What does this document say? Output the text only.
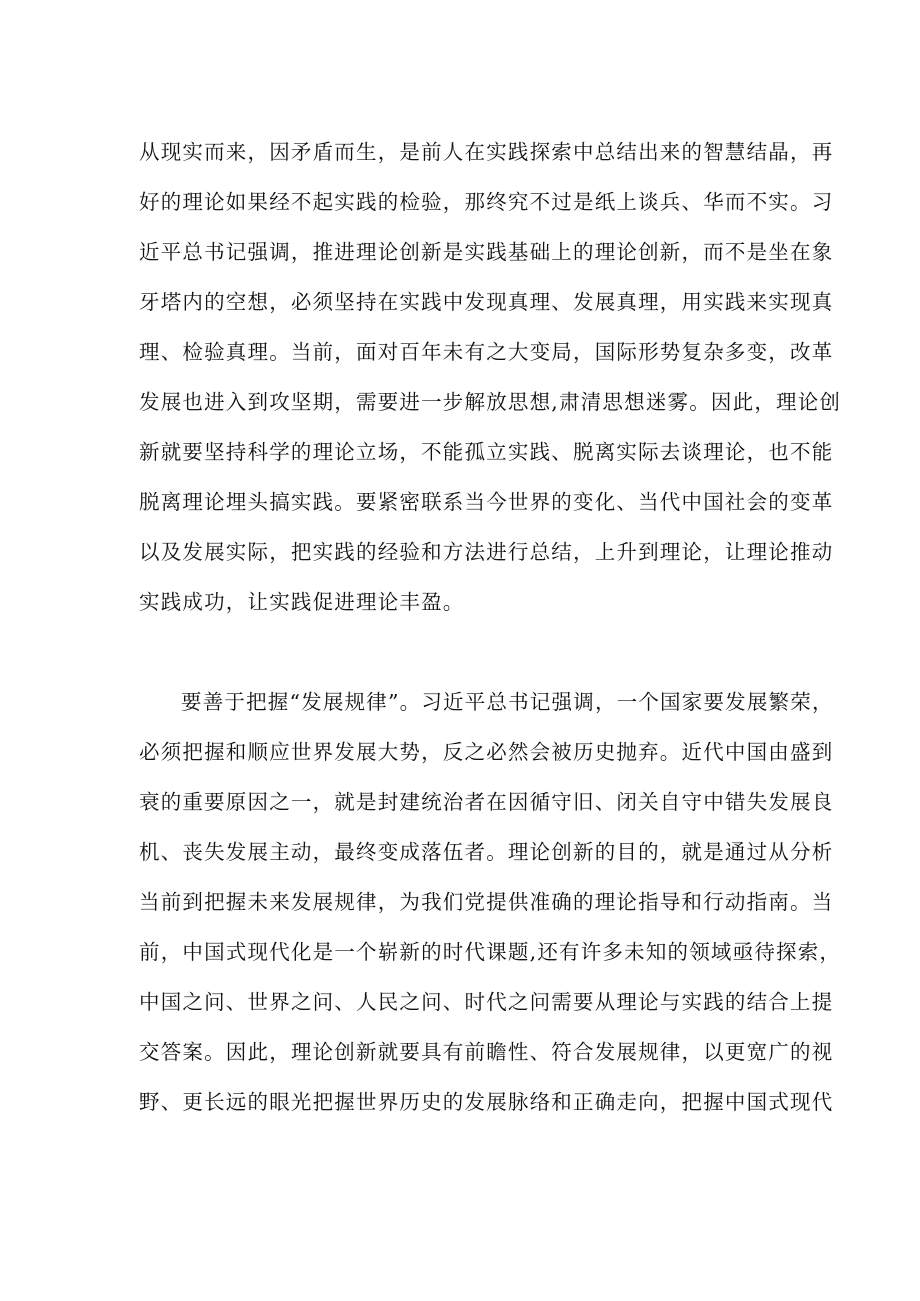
从现实而来，因矛盾而生，是前人在实践探索中总结出来的智慧结晶，再
好的理论如果经不起实践的检验，那终究不过是纸上谈兵、华而不实。习
近平总书记强调，推进理论创新是实践基础上的理论创新，而不是坐在象
牙塔内的空想，必须坚持在实践中发现真理、发展真理，用实践来实现真
理、检验真理。当前，面对百年未有之大变局，国际形势复杂多变，改革
发展也进入到攻坚期，需要进一步解放思想,肃清思想迷雾。因此，理论创
新就要坚持科学的理论立场，不能孤立实践、脱离实际去谈理论，也不能
脱离理论埋头搞实践。要紧密联系当今世界的变化、当代中国社会的变革
以及发展实际，把实践的经验和方法进行总结，上升到理论，让理论推动
实践成功，让实践促进理论丰盈。
要善于把握“发展规律”。习近平总书记强调，一个国家要发展繁荣，
必须把握和顺应世界发展大势，反之必然会被历史抛弃。近代中国由盛到
衰的重要原因之一，就是封建统治者在因循守旧、闭关自守中错失发展良
机、丧失发展主动，最终变成落伍者。理论创新的目的，就是通过从分析
当前到把握未来发展规律，为我们党提供准确的理论指导和行动指南。当
前，中国式现代化是一个崭新的时代课题,还有许多未知的领域亟待探索，
中国之问、世界之问、人民之问、时代之问需要从理论与实践的结合上提
交答案。因此，理论创新就要具有前瞻性、符合发展规律，以更宽广的视
野、更长远的眼光把握世界历史的发展脉络和正确走向，把握中国式现代
